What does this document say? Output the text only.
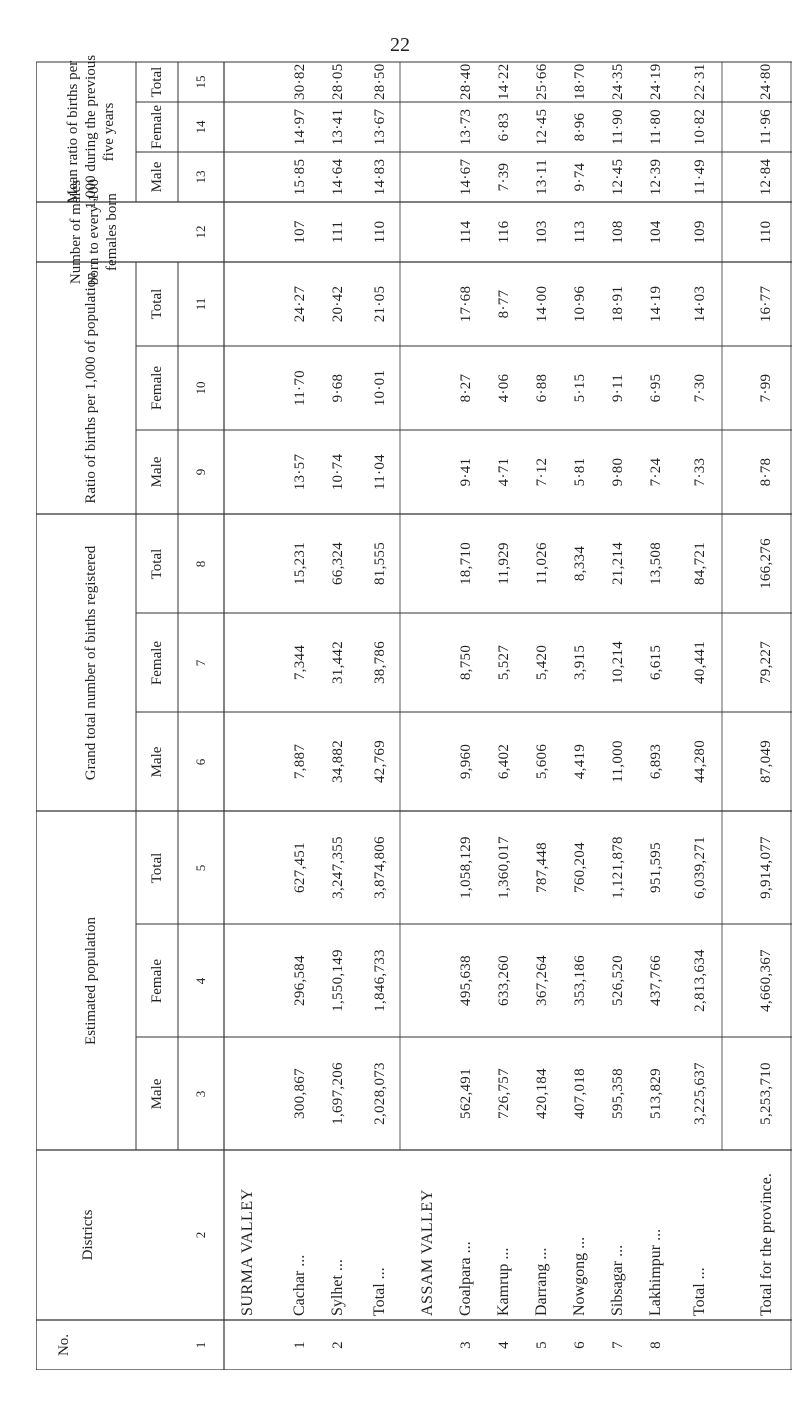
22
No.
Districts
Estimated population
Grand total number of births registered
Ratio of births per 1,000 of population
Number of males born to every 100 females born
Mean ratio of births per 1,000 during the previous five years
Male
Female
Total
Male
Female
Total
Male
Female
Total
Male
Female
Total
1
2
3
4
5
6
7
8
9
10
11
12
13
14
15
SURMA VALLEY Cachar ...
1
300,867
296,584
627,451
7,887
7,344
15,231
13·57
11·70
24·27
107
15·85
14·97
30·82
Sylhet ...
2
1,697,206
1,550,149
3,247,355
34,882
31,442
66,324
10·74
9·68
20·42
111
14·64
13·41
28·05
Total ...
2,028,073
1,846,733
3,874,806
42,769
38,786
81,555
11·04
10·01
21·05
110
14·83
13·67
28·50
ASSAM VALLEY Goalpara ...
3
562,491
495,638
1,058,129
9,960
8,750
18,710
9·41
8·27
17·68
114
14·67
13·73
28·40
Kamrup ...
4
726,757
633,260
1,360,017
6,402
5,527
11,929
4·71
4·06
8·77
116
7·39
6·83
14·22
Darrang ...
5
420,184
367,264
787,448
5,606
5,420
11,026
7·12
6·88
14·00
103
13·11
12·45
25·66
Nowgong ...
6
407,018
353,186
760,204
4,419
3,915
8,334
5·81
5·15
10·96
113
9·74
8·96
18·70
Sibsagar ...
7
595,358
526,520
1,121,878
11,000
10,214
21,214
9·80
9·11
18·91
108
12·45
11·90
24·35
Lakhimpur ...
8
513,829
437,766
951,595
6,893
6,615
13,508
7·24
6·95
14·19
104
12·39
11·80
24·19
Total ...
3,225,637
2,813,634
6,039,271
44,280
40,441
84,721
7·33
7·30
14·03
109
11·49
10·82
22·31
Total for the province.
5,253,710
4,660,367
9,914,077
87,049
79,227
166,276
8·78
7·99
16·77
110
12·84
11·96
24·80
